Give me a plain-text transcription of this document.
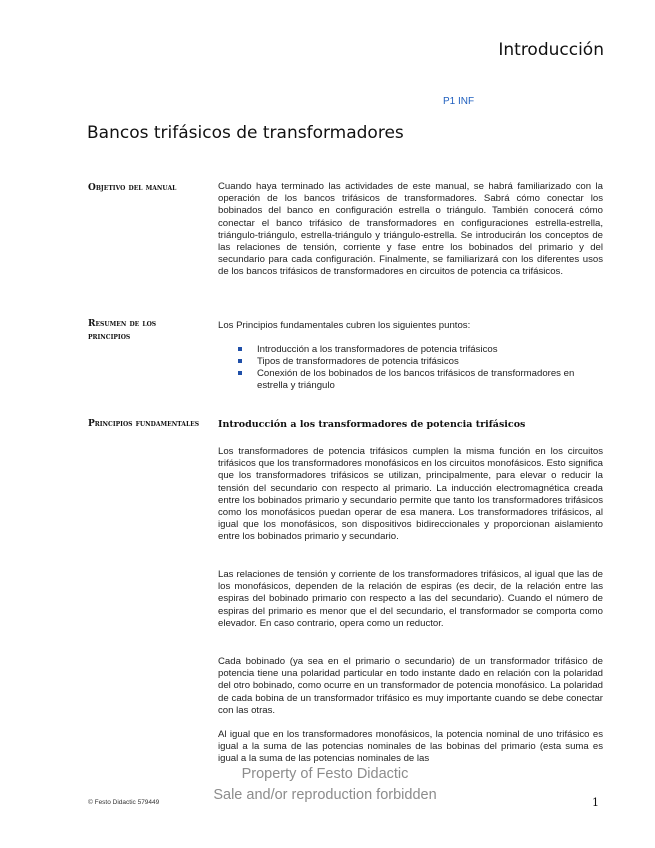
Introducción
P1 INF
Bancos trifásicos de transformadores
Objetivo del manual	Cuando haya terminado las actividades de este manual, se habrá familiarizado con la operación de los bancos trifásicos de transformadores. Sabrá cómo conectar los bobinados del banco en configuración estrella o triángulo. También conocerá cómo conectar el banco trifásico de transformadores en configuraciones estrella-estrella, triángulo-triángulo, estrella-triángulo y triángulo-estrella. Se introducirán los conceptos de las relaciones de tensión, corriente y fase entre los bobinados del primario y del secundario para cada configuración. Finalmente, se familiarizará con los diferentes usos de los bancos trifásicos de transformadores en circuitos de potencia ca trifásicos.
Resumen de los principios
Los Principios fundamentales cubren los siguientes puntos:
Introducción a los transformadores de potencia trifásicos
Tipos de transformadores de potencia trifásicos
Conexión de los bobinados de los bancos trifásicos de transformadores en estrella y triángulo
Principios fundamentales Introducción a los transformadores de potencia trifásicos
Los transformadores de potencia trifásicos cumplen la misma función en los circuitos trifásicos que los transformadores monofásicos en los circuitos monofásicos. Esto significa que los transformadores trifásicos se utilizan, principalmente, para elevar o reducir la tensión del secundario con respecto al primario. La inducción electromagnética creada entre los bobinados primario y secundario permite que tanto los transformadores trifásicos como los monofásicos puedan operar de esa manera. Los transformadores trifásicos, al igual que los monofásicos, son dispositivos bidireccionales y proporcionan aislamiento entre los bobinados primario y secundario.
Las relaciones de tensión y corriente de los transformadores trifásicos, al igual que las de los monofásicos, dependen de la relación de espiras (es decir, de la relación entre las espiras del bobinado primario con respecto a las del secundario). Cuando el número de espiras del primario es menor que el del secundario, el transformador se comporta como elevador. En caso contrario, opera como un reductor.
Cada bobinado (ya sea en el primario o secundario) de un transformador trifásico de potencia tiene una polaridad particular en todo instante dado en relación con la polaridad del otro bobinado, como ocurre en un transformador de potencia monofásico. La polaridad de cada bobina de un transformador trifásico es muy importante cuando se debe conectar con las otras.
Al igual que en los transformadores monofásicos, la potencia nominal de uno trifásico es igual a la suma de las potencias nominales de las bobinas del primario (esta suma es igual a la suma de las potencias nominales de las
Property of Festo Didactic
Sale and/or reproduction forbidden
© Festo Didactic 579449	1
